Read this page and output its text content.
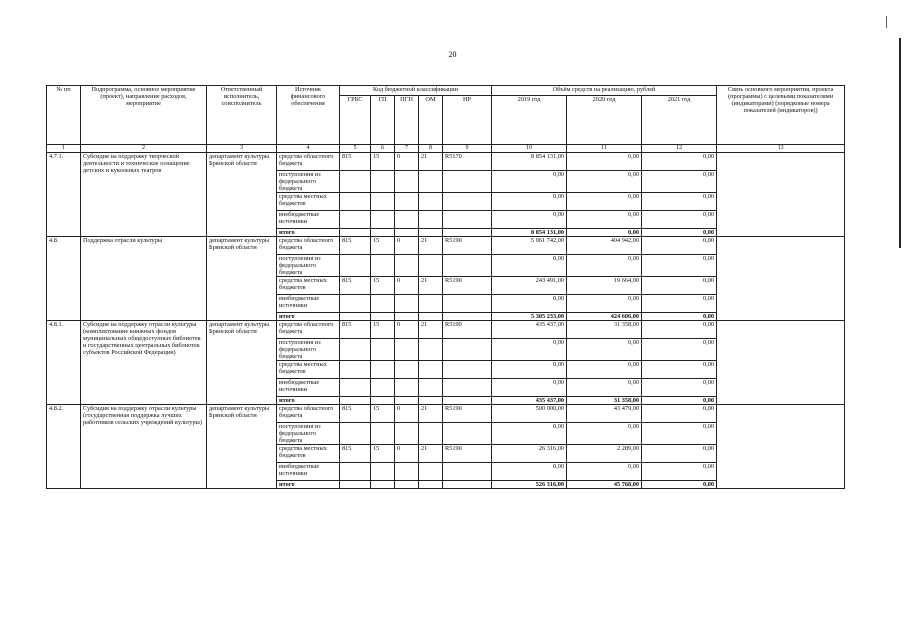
20
№ пп	Подпрограмма, основное мероприятие (проект), направление расходов, мероприятие	Ответственный исполнитель, соисполнитель	Источник финансового обеспечения	Код бюджетной классификации					Объём средств на реализацию, рублей			Связь основного мероприятия, проекта (программы) с целевыми показателями (индикаторами) (порядковые номера показателей (индикаторов))
				ГРБС	ГП	ПГП	ОМ	НР	2019 год	2020 год	2021 год	
1	2	3	4	5	6	7	8	9	10	11	12	13
4.7.1.	Субсидия на поддержку творческой деятельности и техническое оснащение детских и кукольных театров	департамент культуры Брянской области	средства областного бюджета	815	15	0	21	R5170	8 854 131,00	0,00	0,00	
			поступления из федерального бюджета						0,00	0,00	0,00	
			средства местных бюджетов						0,00	0,00	0,00	
			внебюджетные источники						0,00	0,00	0,00	
			итого						8 854 131,00	0,00	0,00	
4.8.	Поддержка отрасли культуры	департамент культуры Брянской области	средства областного бюджета	815	15	0	21	R5190	5 061 742,00	404 942,00	0,00	
			поступления из федерального бюджета						0,00	0,00	0,00	
			средства местных бюджетов	815	15	0	21	R5190	243 491,00	19 664,00	0,00	
			внебюджетные источники						0,00	0,00	0,00	
			итого						5 305 233,00	424 606,00	0,00	
4.8.1.	Субсидия на поддержку отрасли культуры (комплектование книжных фондов муниципальных общедоступных библиотек и государственных центральных библиотек субъектов Российской Федерации)	департамент культуры Брянской области	средства областного бюджета	815	15	0	21	R5190	435 437,00	31 358,00	0,00	
			поступления из федерального бюджета						0,00	0,00	0,00	
			средства местных бюджетов						0,00	0,00	0,00	
			внебюджетные источники						0,00	0,00	0,00	
			итого						435 437,00	31 358,00	0,00	
4.8.2.	Субсидия на поддержку отрасли культуры (государственная поддержка лучших работников сельских учреждений культуры)	департамент культуры Брянской области	средства областного бюджета	815	15	0	21	R5190	500 000,00	43 479,00	0,00	
			поступления из федерального бюджета						0,00	0,00	0,00	
			средства местных бюджетов	815	15	0	21	R5190	26 316,00	2 289,00	0,00	
			внебюджетные источники						0,00	0,00	0,00	
			итого						526 316,00	45 768,00	0,00	
